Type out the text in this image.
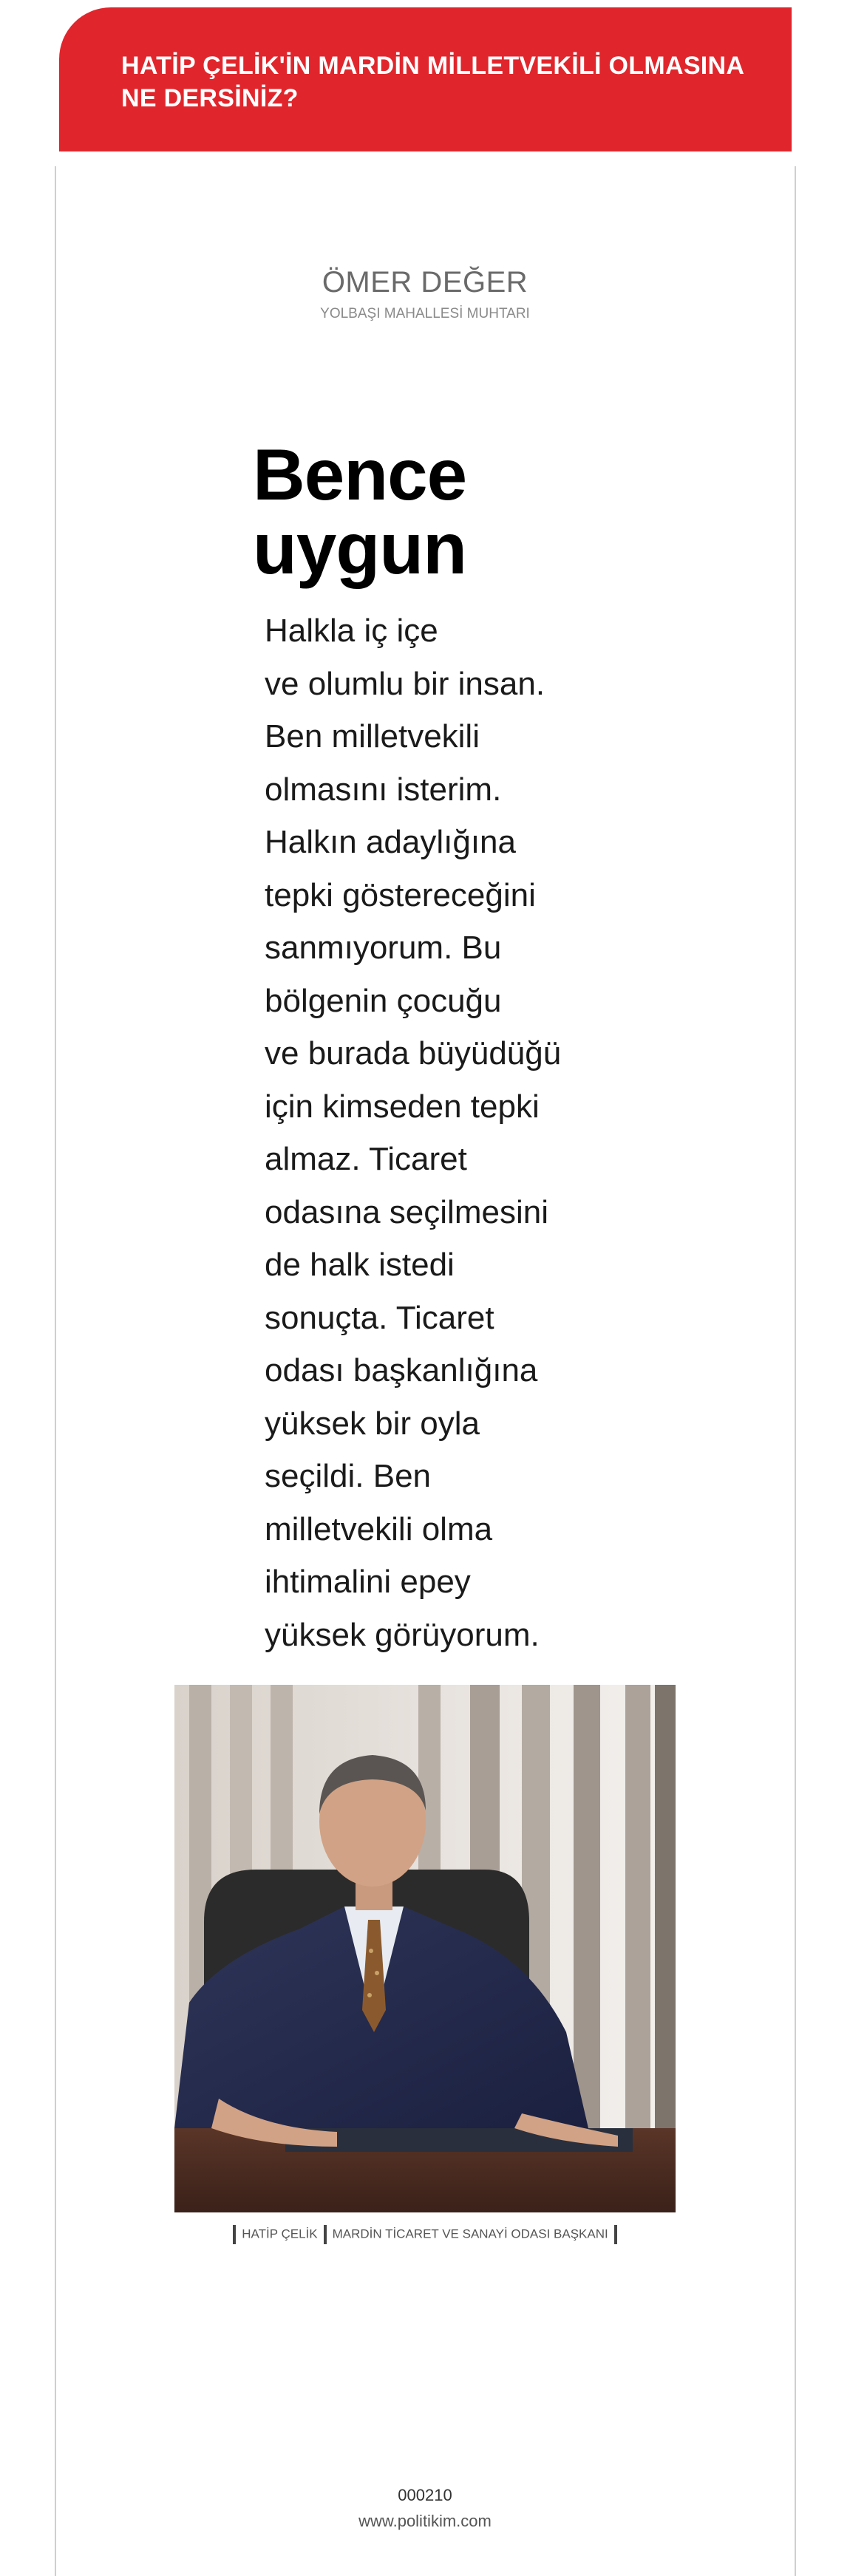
HATİP ÇELİK'İN MARDİN MİLLETVEKİLİ OLMASINA NE DERSİNİZ?
ÖMER DEĞER
YOLBAŞI MAHALLESİ MUHTARI
Bence
uygun
Halkla iç içe
ve olumlu bir insan.
Ben milletvekili
olmasını isterim.
Halkın adaylığına
tepki göstereceğini
sanmıyorum. Bu
bölgenin çocuğu
ve burada büyüdüğü
için kimseden tepki
almaz. Ticaret
odasına seçilmesini
de halk istedi
sonuçta. Ticaret
odası başkanlığına
yüksek bir oyla
seçildi. Ben
milletvekili olma
ihtimalini epey
yüksek görüyorum.
HATİP ÇELİK MARDİN TİCARET VE SANAYİ ODASI BAŞKANI
000210
www.politikim.com
